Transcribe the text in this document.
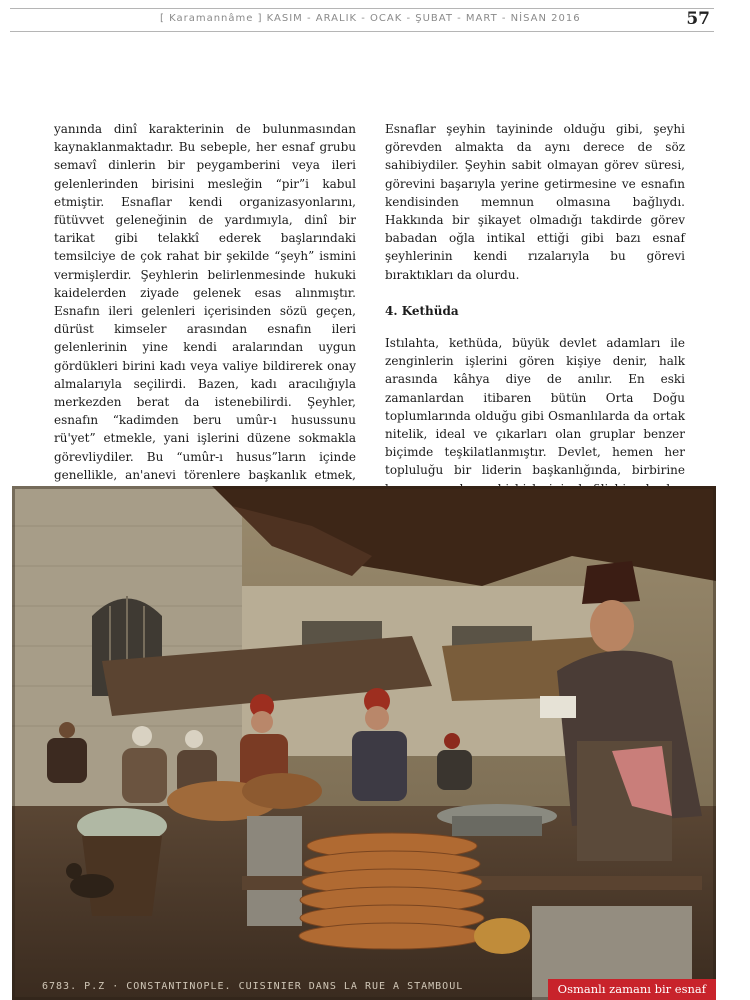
[ Karamannâme ] KASIM - ARALIK - OCAK - ŞUBAT - MART - NİSAN 2016	57

yanında dinî karakterinin de bulunmasından kaynaklanmaktadır. Bu sebeple, her esnaf grubu semavî dinlerin bir peygamberini veya ileri gelenlerinden birisini mesleğin “pir”i kabul etmiştir. Esnaflar kendi organizasyonlarını, fütüvvet geleneğinin de yardımıyla, dinî bir tarikat gibi telakkî ederek başlarındaki temsilciye de çok rahat bir şekilde “şeyh” ismini vermişlerdir. Şeyhlerin belirlenmesinde hukuki kaidelerden ziyade gelenek esas alınmıştır. Esnafın ileri gelenleri içerisinden sözü geçen, dürüst kimseler arasından esnafın ileri gelenlerinin yine kendi aralarından uygun gördükleri birini kadı veya valiye bildirerek onay almalarıyla seçilirdi. Bazen, kadı aracılığıyla merkezden berat da istenebilirdi. Şeyhler, esnafın “kadimden beru umûr-ı husussunu rü'yet” etmekle, yani işlerini düzene sokmakla görevliydiler. Bu “umûr-ı husus”ların içinde genellikle, an'anevi törenlere başkanlık etmek,

Esnaflar şeyhin tayininde olduğu gibi, şeyhi görevden almakta da aynı derece de söz sahibiydiler. Şeyhin sabit olmayan görev süresi, görevini başarıyla yerine getirmesine ve esnafın kendisinden memnun olmasına bağlıydı. Hakkında bir şikayet olmadığı takdirde görev babadan oğla intikal ettiği gibi bazı esnaf şeyhlerinin kendi rızalarıyla bu görevi bıraktıkları da olurdu.

4. Kethüda

Istılahta, kethüda, büyük devlet adamları ile zenginlerin işlerini gören kişiye denir, halk arasında kâhya diye de anılır. En eski zamanlardan itibaren bütün Orta Doğu toplumlarında olduğu gibi Osmanlılarda da ortak nitelik, ideal ve çıkarları olan gruplar benzer biçimde teşkilatlanmıştır. Devlet, hemen her topluluğu bir liderin başkanlığında, birbirine

6783. P.Z · CONSTANTINOPLE. CUISINIER DANS LA RUE A STAMBOUL	Osmanlı zamanı bir esnaf
